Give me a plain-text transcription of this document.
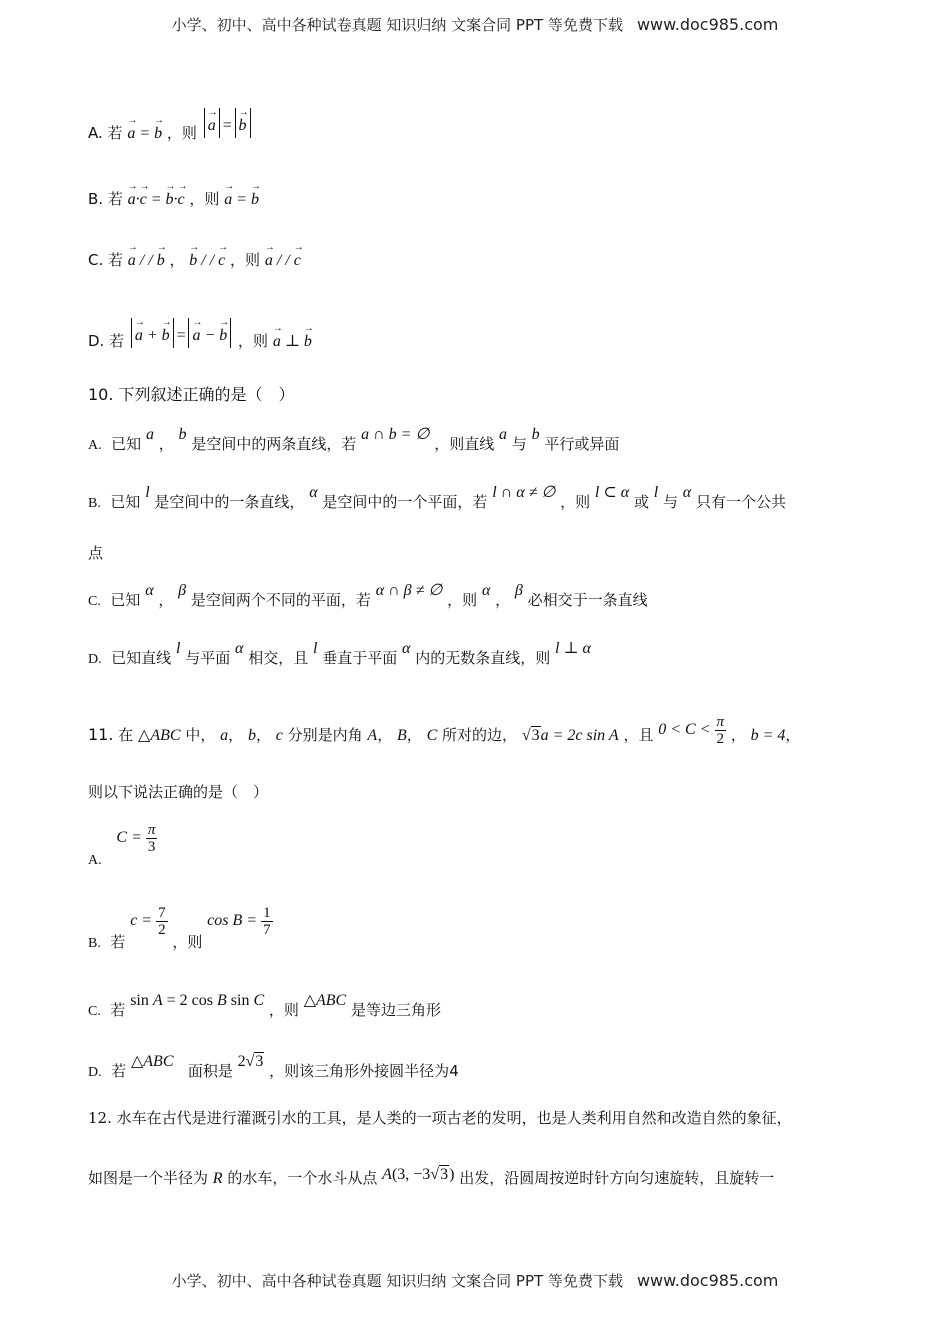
小学、初中、高中各种试卷真题 知识归纳 文案合同 PPT 等免费下载 www.doc985.com
A. 若 → a = → b ，则 → a = → b
B. 若 → a·→ c = → b·→ c ，则 → a = → b
C. 若 → a / / → b ， → b / / → c ，则 → a / / → c
D. 若 → a + → b = → a − → b ，则 → a ⊥ → b
10. 下列叙述正确的是（　）
A. 已知 a ， b 是空间中的两条直线，若 a ∩ b = ∅ ，则直线 a 与 b 平行或异面
B. 已知 l 是空间中的一条直线， α 是空间中的一个平面，若 l ∩ α ≠ ∅ ，则 l ⊂ α 或 l 与 α 只有一个公共
点
C. 已知 α ， β 是空间两个不同的平面，若 α ∩ β ≠ ∅ ，则 α ， β 必相交于一条直线
D. 已知直线 l 与平面 α 相交，且 l 垂直于平面 α 内的无数条直线，则 l ⊥ α
11. 在 △ABC 中， a， b， c 分别是内角 A， B， C 所对的边， √3a = 2c sin A ，且 $0 < C < \frac{\pi}{2}$ ， b = 4，
则以下说法正确的是（　）
A. $C = \frac{\pi}{3}$
B. 若 $c = \frac{7}{2}$
，则 $\cos B = \frac{1}{7}$
C. 若 sin A = 2 cos B sin C ，则 △ABC 是等边三角形
D. 若 △ABC   面积是 2√3 ，则该三角形外接圆半径为4
12. 水车在古代是进行灌溉引水的工具，是人类的一项古老的发明，也是人类利用自然和改造自然的象征，
如图是一个半径为 R 的水车，一个水斗从点 A(3, −3√3) 出发，沿圆周按逆时针方向匀速旋转，且旋转一
小学、初中、高中各种试卷真题 知识归纳 文案合同 PPT 等免费下载 www.doc985.com
